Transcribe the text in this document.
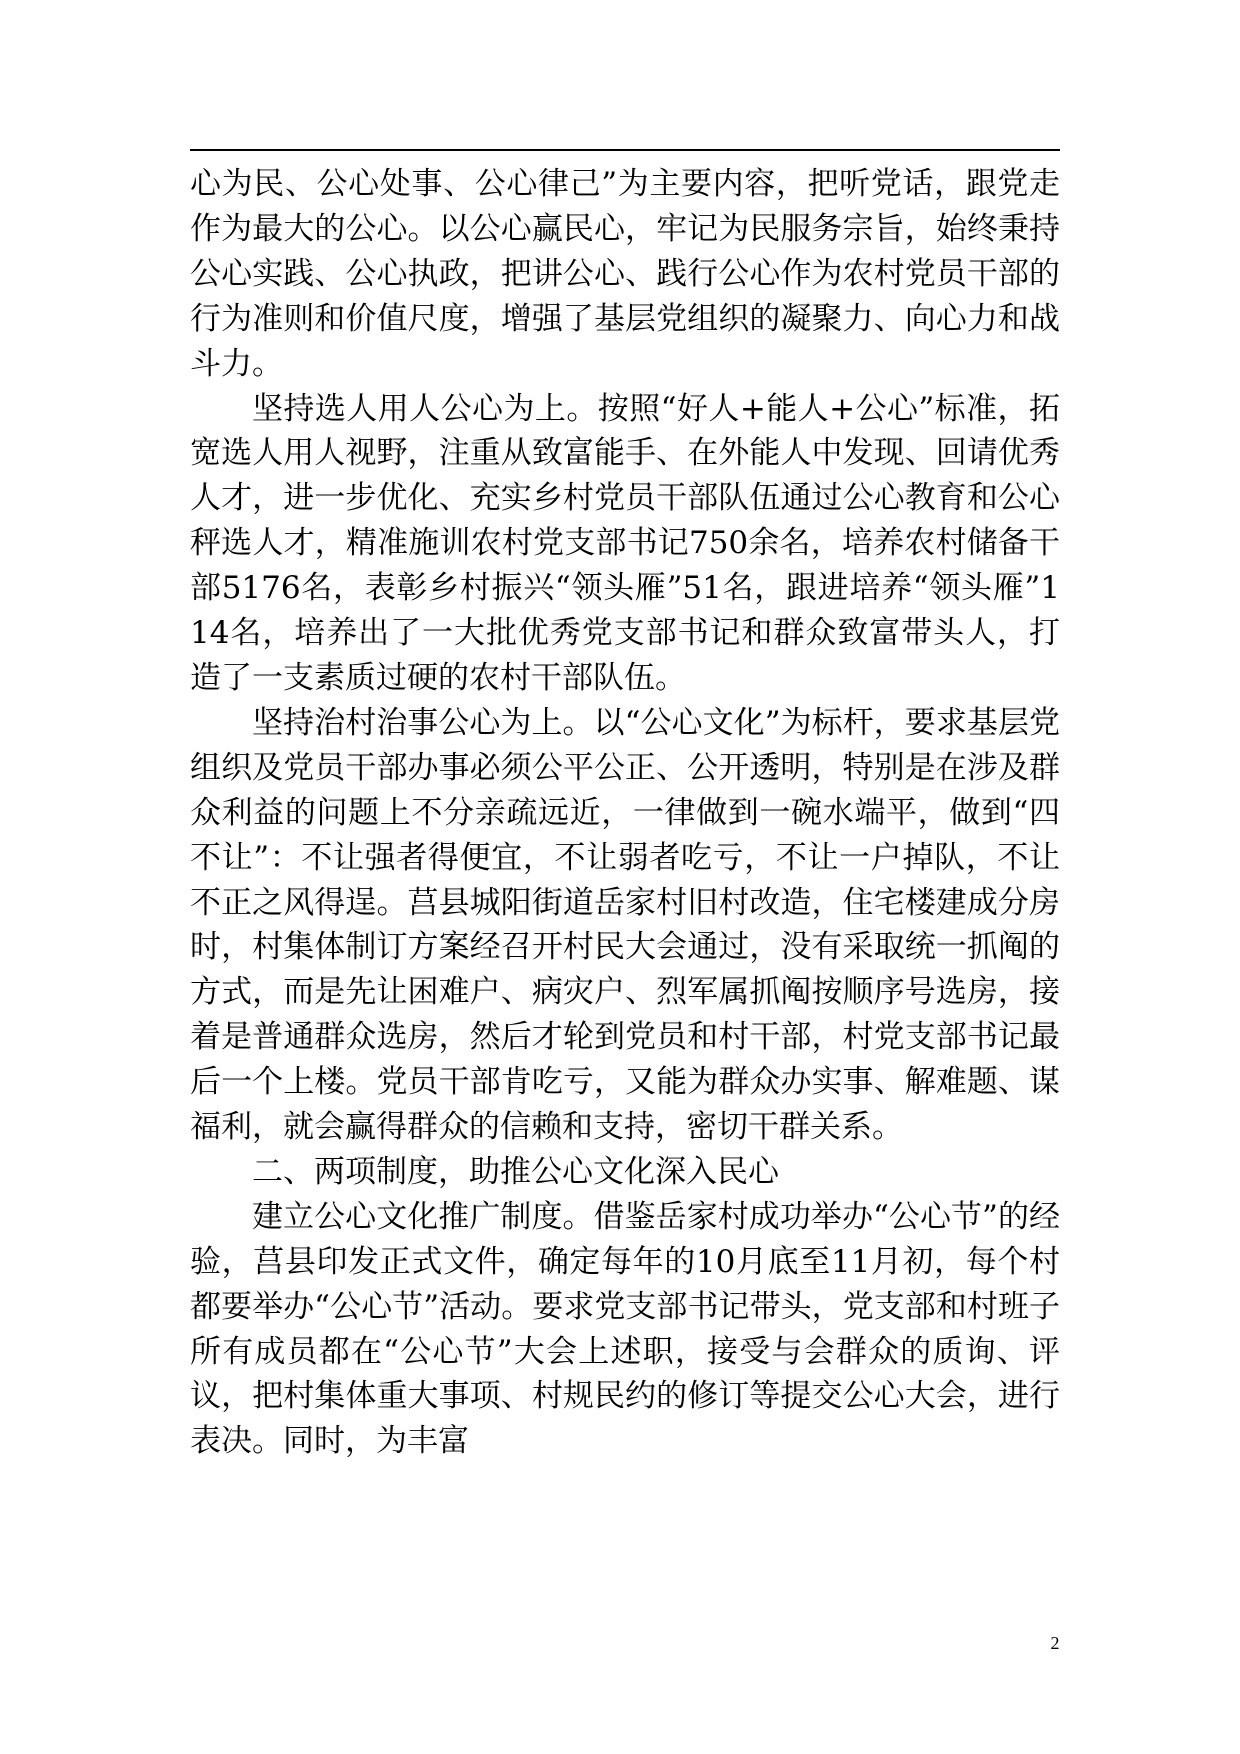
心为民、公心处事、公心律己”为主要内容，把听党话，跟党走作为最大的公心。以公心赢民心，牢记为民服务宗旨，始终秉持公心实践、公心执政，把讲公心、践行公心作为农村党员干部的行为准则和价值尺度，增强了基层党组织的凝聚力、向心力和战斗力。

坚持选人用人公心为上。按照“好人+能人+公心”标准，拓宽选人用人视野，注重从致富能手、在外能人中发现、回请优秀人才，进一步优化、充实乡村党员干部队伍通过公心教育和公心秤选人才，精准施训农村党支部书记750余名，培养农村储备干部5176名，表彰乡村振兴“领头雁”51名，跟进培养“领头雁”114名，培养出了一大批优秀党支部书记和群众致富带头人，打造了一支素质过硬的农村干部队伍。

坚持治村治事公心为上。以“公心文化”为标杆，要求基层党组织及党员干部办事必须公平公正、公开透明，特别是在涉及群众利益的问题上不分亲疏远近，一律做到一碗水端平，做到“四不让”：不让强者得便宜，不让弱者吃亏，不让一户掉队，不让不正之风得逞。莒县城阳街道岳家村旧村改造，住宅楼建成分房时，村集体制订方案经召开村民大会通过，没有采取统一抓阄的方式，而是先让困难户、病灾户、烈军属抓阄按顺序号选房，接着是普通群众选房，然后才轮到党员和村干部，村党支部书记最后一个上楼。党员干部肯吃亏，又能为群众办实事、解难题、谋福利，就会赢得群众的信赖和支持，密切干群关系。

二、两项制度，助推公心文化深入民心

建立公心文化推广制度。借鉴岳家村成功举办“公心节”的经验，莒县印发正式文件，确定每年的10月底至11月初，每个村都要举办“公心节”活动。要求党支部书记带头，党支部和村班子所有成员都在“公心节”大会上述职，接受与会群众的质询、评议，把村集体重大事项、村规民约的修订等提交公心大会，进行表决。同时，为丰富

2
